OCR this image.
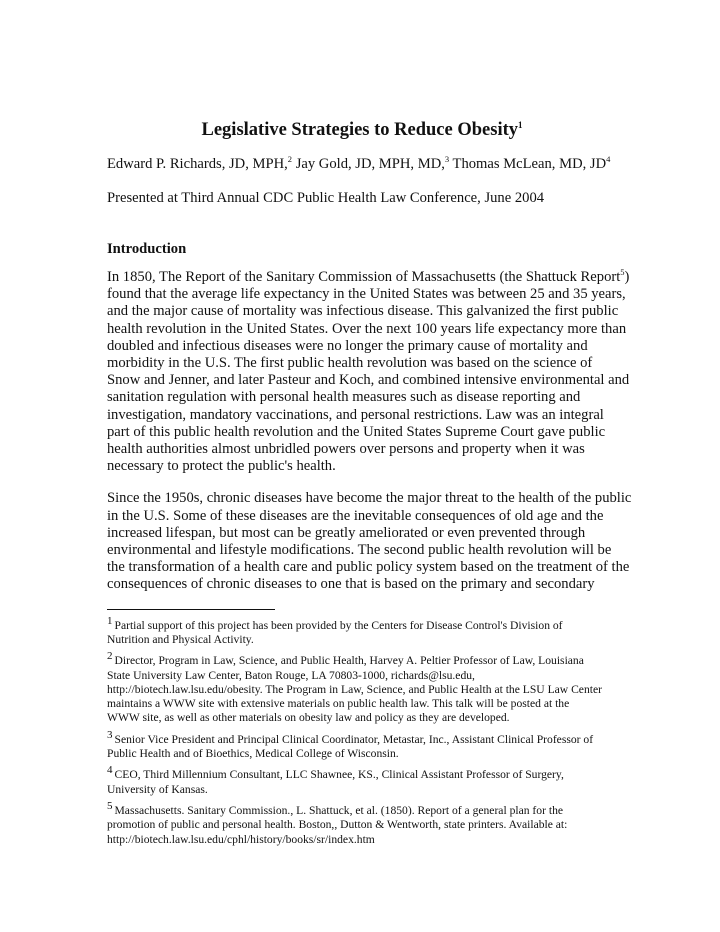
Legislative Strategies to Reduce Obesity$^1$

Edward P. Richards, JD, MPH,$^2$ Jay Gold, JD, MPH, MD,$^3$ Thomas McLean, MD, $JD^4$

Presented at Third Annual CDC Public Health Law Conference, June 2004

Introduction
In 1850, The Report of the Sanitary Commission of Massachusetts (the Shattuck Report$^5$)
found that the average life expectancy in the United States was between 25 and 35 years,
and the major cause of mortality was infectious disease. This galvanized the first public
health revolution in the United States. Over the next 100 years life expectancy more than
doubled and infectious diseases were no longer the primary cause of mortality and
morbidity in the U.S. The first public health revolution was based on the science of
Snow and Jenner, and later Pasteur and Koch, and combined intensive environmental and
sanitation regulation with personal health measures such as disease reporting and
investigation, mandatory vaccinations, and personal restrictions. Law was an integral
part of this public health revolution and the United States Supreme Court gave public
health authorities almost unbridled powers over persons and property when it was
necessary to protect the public's health.
Since the 1950s, chronic diseases have become the major threat to the health of the public
in the U.S. Some of these diseases are the inevitable consequences of old age and the
increased lifespan, but most can be greatly ameliorated or even prevented through
environmental and lifestyle modifications. The second public health revolution will be
the transformation of a health care and public policy system based on the treatment of the
consequences of chronic diseases to one that is based on the primary and secondary
$^1$ Partial support of this project has been provided by the Centers for Disease Control's Division of
Nutrition and Physical Activity.
$^2$ Director, Program in Law, Science, and Public Health, Harvey A. Peltier Professor of Law, Louisiana
State University Law Center, Baton Rouge, LA 70803-1000, richards@lsu.edu,
http://biotech.law.lsu.edu/obesity. The Program in Law, Science, and Public Health at the LSU Law Center
maintains a WWW site with extensive materials on public health law. This talk will be posted at the
WWW site, as well as other materials on obesity law and policy as they are developed.
$^3$ Senior Vice President and Principal Clinical Coordinator, Metastar, Inc., Assistant Clinical Professor of
Public Health and of Bioethics, Medical College of Wisconsin.
$^4$ CEO, Third Millennium Consultant, LLC Shawnee, KS., Clinical Assistant Professor of Surgery,
University of Kansas.
$^5$ Massachusetts. Sanitary Commission., L. Shattuck, et al. (1850). Report of a general plan for the
promotion of public and personal health. Boston,, Dutton & Wentworth, state printers. Available at:
http://biotech.law.lsu.edu/cphl/history/books/sr/index.htm
